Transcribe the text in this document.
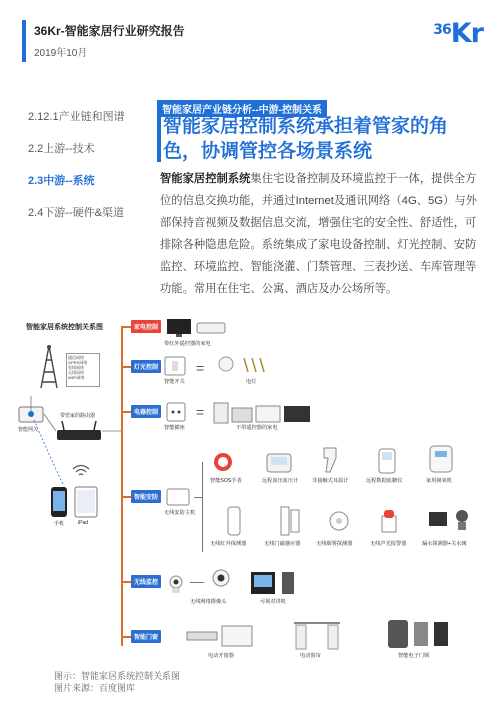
36Kr-智能家居行业研究报告
2019年10月
$^{36}$Kr
2.12.1产业链和图谱
2.2上游--技术
2.3中游--系统
2.4下游--硬件&渠道
智能家居产业链分析--中游-控制关系
智能家居控制系统承担着管家的角色，协调管控各场景系统
智能家居控制系统集住宅设备控制及环境监控于一体，提供全方位的信息交换功能，并通过Internet及通讯网络（4G、5G）与外部保持音视频及数据信息交流，增强住宅的安全性、舒适性，可排除各种隐患危险。系统集成了家电设备控制、灯光控制、安防监控、环境监控、智能浇灌、门禁管理、三表抄送、车库管理等功能。常用在住宅、公寓、酒店及办公场所等。
智能家居系统控制关系图
通信网络
GPRS网络
有线网络
无线网络
WIFI网络
智能网关
带管家的路由器
手机	iPad
家电控制
灯光控制
电器控制
智能安防
无线监控
智能门窗
带红外遥控器的家电
智能开关
=
电灯
智能插座
=
不带遥控器的家电
智能SOS手表	远程血压血压计	非接触式耳温计	远程数据血糖仪	家用制氧机
无线安防主机
无线红外探测器	无线门磁感应器	无线烟雾探测器	无线声光报警器	漏水探测器+关水阀
无线网络摄像头	可视对讲机
电动开窗器	电动窗帘	智能电子门锁
图示：智能家居系统控制关系图
图片来源：百度图库
